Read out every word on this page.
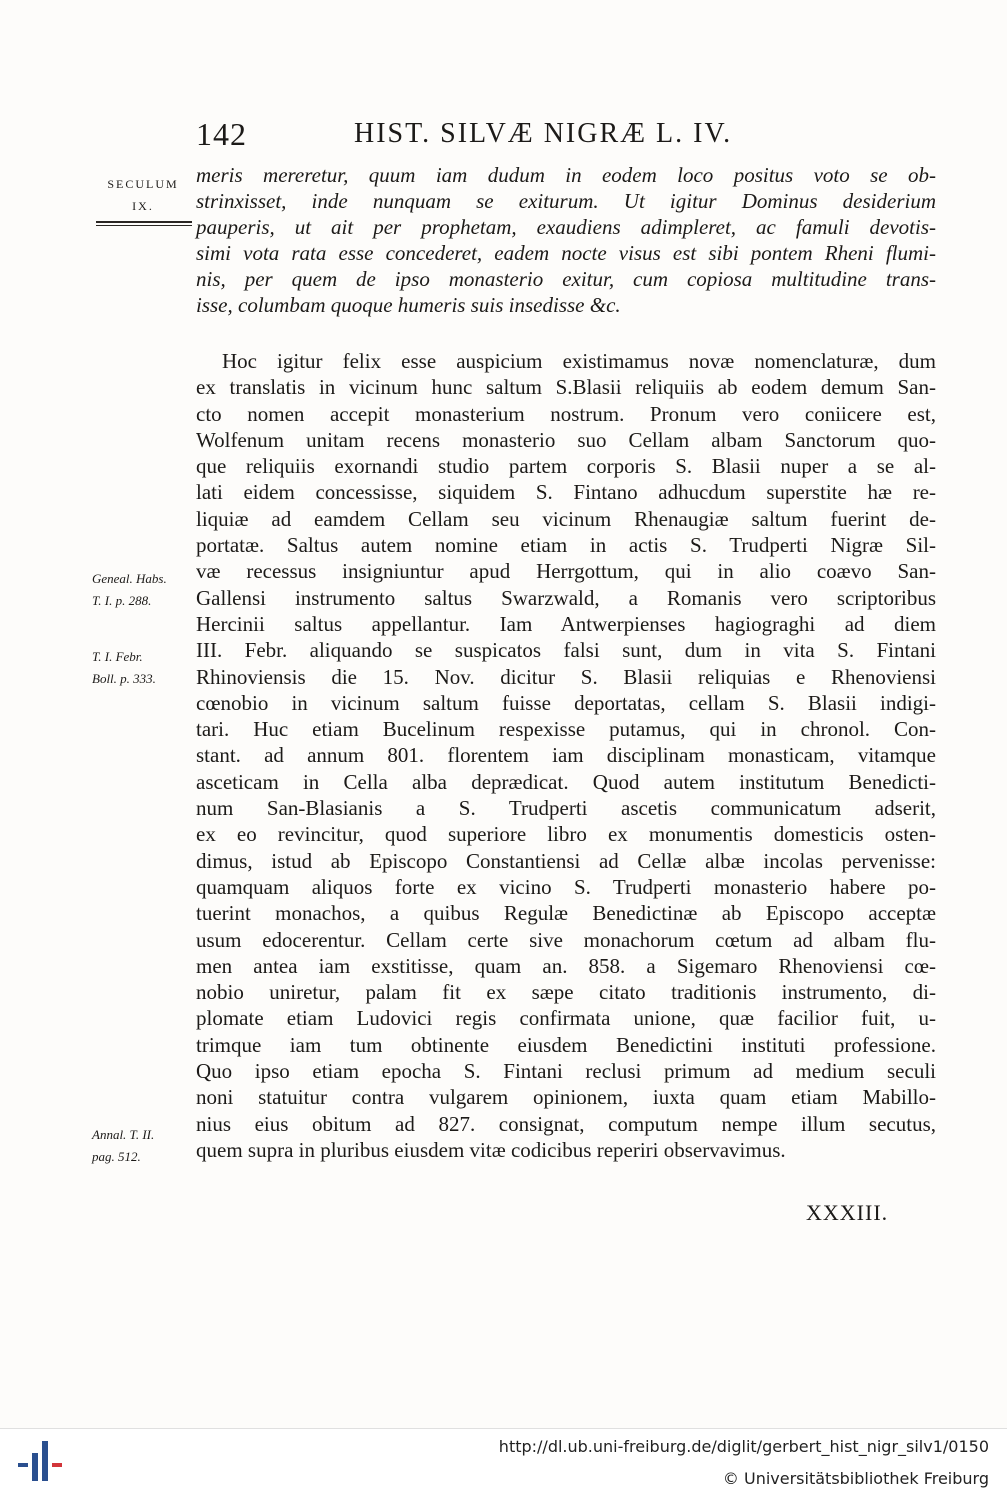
142	HIST. SILVÆ NIGRÆ L. IV.
SECULUM
IX.
Geneal. Habs.
T. I. p. 288.
T. I. Febr.
Boll. p. 333.
Annal. T. II.
pag. 512.
meris mereretur, quum iam dudum in eodem loco positus voto se ob-
strinxisset, inde nunquam se exiturum. Ut igitur Dominus desiderium
pauperis, ut ait per prophetam, exaudiens adimpleret, ac famuli devotis-
simi vota rata esse concederet, eadem nocte visus est sibi pontem Rheni flumi-
nis, per quem de ipso monasterio exitur, cum copiosa multitudine trans-
isse, columbam quoque humeris suis insedisse &c.
Hoc igitur felix esse auspicium existimamus novæ nomenclaturæ, dum
ex translatis in vicinum hunc saltum S.Blasii reliquiis ab eodem demum San-
cto nomen accepit monasterium nostrum. Pronum vero coniicere est,
Wolfenum unitam recens monasterio suo Cellam albam Sanctorum quo-
que reliquiis exornandi studio partem corporis S. Blasii nuper a se al-
lati eidem concessisse, siquidem S. Fintano adhucdum superstite hæ re-
liquiæ ad eamdem Cellam seu vicinum Rhenaugiæ saltum fuerint de-
portatæ. Saltus autem nomine etiam in actis S. Trudperti Nigræ Sil-
væ recessus insigniuntur apud Herrgottum, qui in alio coævo San-
Gallensi instrumento saltus Swarzwald, a Romanis vero scriptoribus
Hercinii saltus appellantur. Iam Antwerpienses hagiograghi ad diem
III. Febr. aliquando se suspicatos falsi sunt, dum in vita S. Fintani
Rhinoviensis die 15. Nov. dicitur S. Blasii reliquias e Rhenoviensi
cœnobio in vicinum saltum fuisse deportatas, cellam S. Blasii indigi-
tari. Huc etiam Bucelinum respexisse putamus, qui in chronol. Con-
stant. ad annum 801. florentem iam disciplinam monasticam, vitamque
asceticam in Cella alba deprædicat. Quod autem institutum Benedicti-
num San-Blasianis a S. Trudperti ascetis communicatum adserit,
ex eo revincitur, quod superiore libro ex monumentis domesticis osten-
dimus, istud ab Episcopo Constantiensi ad Cellæ albæ incolas pervenisse:
quamquam aliquos forte ex vicino S. Trudperti monasterio habere po-
tuerint monachos, a quibus Regulæ Benedictinæ ab Episcopo acceptæ
usum edocerentur. Cellam certe sive monachorum cœtum ad albam flu-
men antea iam exstitisse, quam an. 858. a Sigemaro Rhenoviensi cœ-
nobio uniretur, palam fit ex sæpe citato traditionis instrumento, di-
plomate etiam Ludovici regis confirmata unione, quæ facilior fuit, u-
trimque iam tum obtinente eiusdem Benedictini instituti professione.
Quo ipso etiam epocha S. Fintani reclusi primum ad medium seculi
noni statuitur contra vulgarem opinionem, iuxta quam etiam Mabillo-
nius eius obitum ad 827. consignat, computum nempe illum secutus,
quem supra in pluribus eiusdem vitæ codicibus reperiri observavimus.
XXXIII.
http://dl.ub.uni-freiburg.de/diglit/gerbert_hist_nigr_silv1/0150
© Universitätsbibliothek Freiburg
